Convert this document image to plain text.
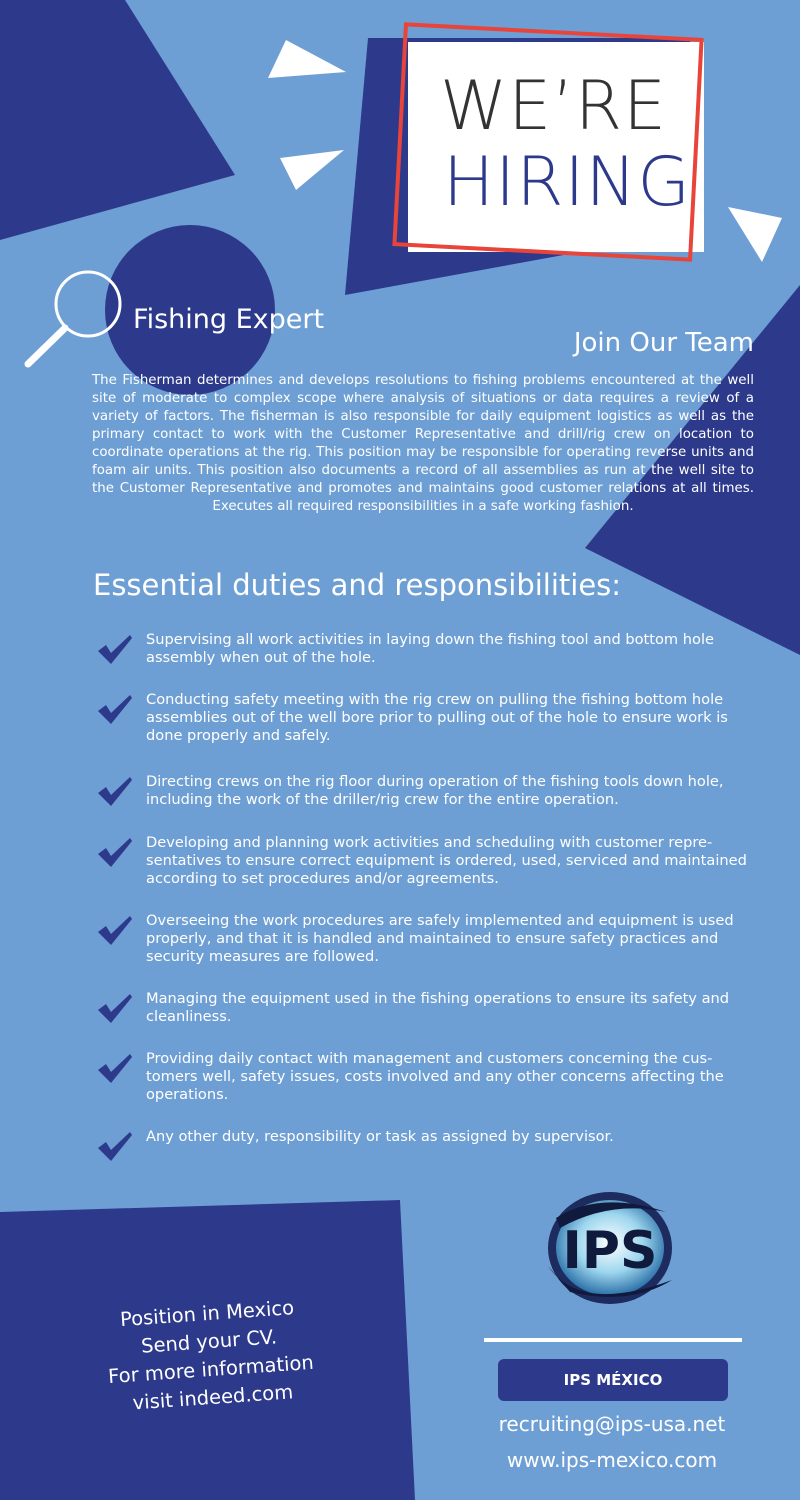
WE’RE
HIRING
Fishing Expert
Join Our Team
The Fisherman determines and develops resolutions to fishing problems encountered at the well site of moderate to complex scope where analysis of situations or data requires a review of a variety of factors. The fisherman is also responsible for daily equipment logistics as well as the primary contact to work with the Customer Representative and drill/rig crew on location to coordinate operations at the rig. This position may be responsible for operating reverse units and foam air units. This position also documents a record of all assemblies as run at the well site to the Customer Representative and promotes and maintains good customer relations at all times. Executes all required responsibilities in a safe working fashion.
Essential duties and responsibilities:
Supervising all work activities in laying down the fishing tool and bottom hole assembly when out of the hole.
Conducting safety meeting with the rig crew on pulling the fishing bottom hole assemblies out of the well bore prior to pulling out of the hole to ensure work is done properly and safely.
Directing crews on the rig floor during operation of the fishing tools down hole, including the work of the driller/rig crew for the entire operation.
Developing and planning work activities and scheduling with customer repre-sentatives to ensure correct equipment is ordered, used, serviced and maintained according to set procedures and/or agreements.
Overseeing the work procedures are safely implemented and equipment is used properly, and that it is handled and maintained to ensure safety practices and security measures are followed.
Managing the equipment used in the fishing operations to ensure its safety and cleanliness.
Providing daily contact with management and customers concerning the cus-tomers well, safety issues, costs involved and any other concerns affecting the operations.
Any other duty, responsibility or task as assigned by supervisor.
Position in Mexico
Send your CV.
For more information
visit indeed.com
IPS
IPS MÉXICO
recruiting@ips-usa.net
www.ips-mexico.com
